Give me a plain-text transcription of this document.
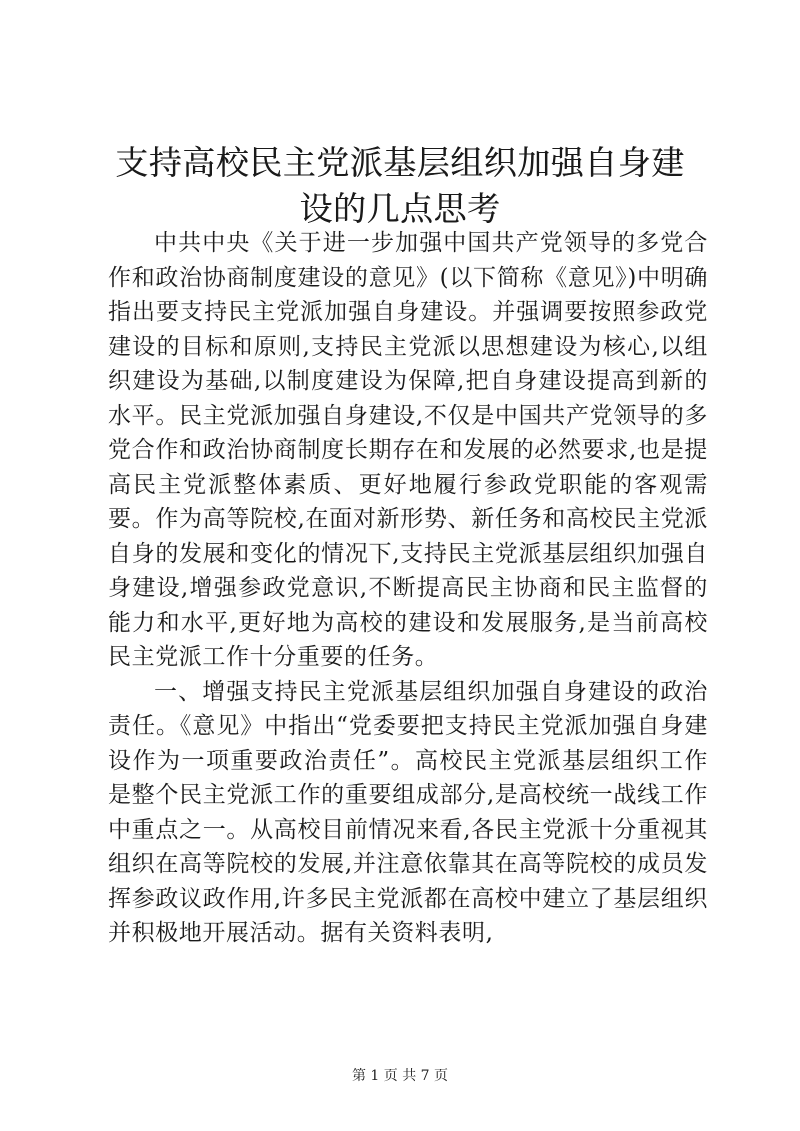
支持高校民主党派基层组织加强自身建设的几点思考

中共中央《关于进一步加强中国共产党领导的多党合作和政治协商制度建设的意见》(以下简称《意见》)中明确指出要支持民主党派加强自身建设。并强调要按照参政党建设的目标和原则,支持民主党派以思想建设为核心,以组织建设为基础,以制度建设为保障,把自身建设提高到新的水平。民主党派加强自身建设,不仅是中国共产党领导的多党合作和政治协商制度长期存在和发展的必然要求,也是提高民主党派整体素质、更好地履行参政党职能的客观需要。作为高等院校,在面对新形势、新任务和高校民主党派自身的发展和变化的情况下,支持民主党派基层组织加强自身建设,增强参政党意识,不断提高民主协商和民主监督的能力和水平,更好地为高校的建设和发展服务,是当前高校民主党派工作十分重要的任务。

一、增强支持民主党派基层组织加强自身建设的政治责任。《意见》中指出“党委要把支持民主党派加强自身建设作为一项重要政治责任”。高校民主党派基层组织工作是整个民主党派工作的重要组成部分,是高校统一战线工作中重点之一。从高校目前情况来看,各民主党派十分重视其组织在高等院校的发展,并注意依靠其在高等院校的成员发挥参政议政作用,许多民主党派都在高校中建立了基层组织并积极地开展活动。据有关资料表明,

第 1 页 共 7 页
